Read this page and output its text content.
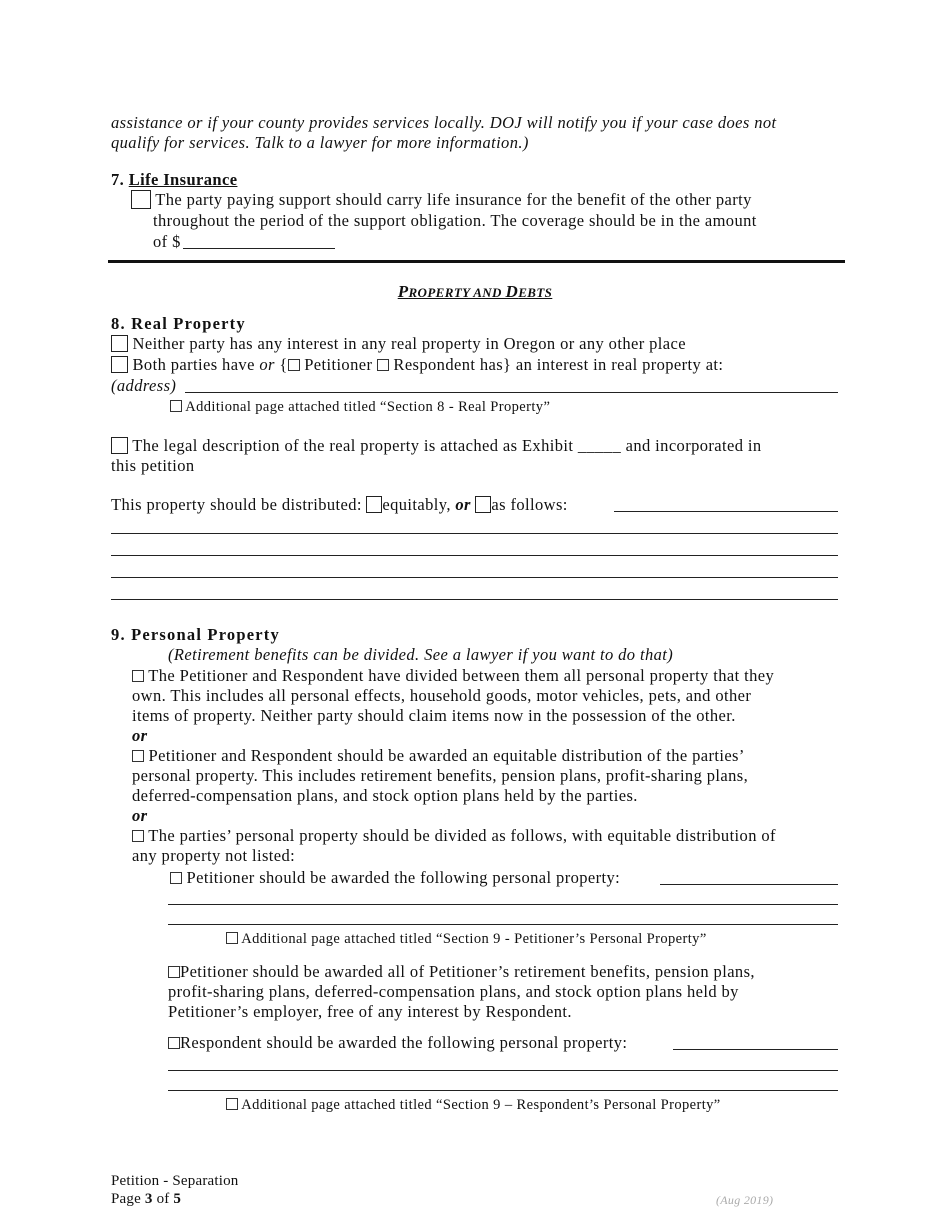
assistance or if your county provides services locally. DOJ will notify you if your case does not
qualify for services. Talk to a lawyer for more information.)
7. Life Insurance
The party paying support should carry life insurance for the benefit of the other party
throughout the period of the support obligation. The coverage should be in the amount
of $
PROPERTY AND DEBTS
8. Real Property
Neither party has any interest in any real property in Oregon or any other place
Both parties have or { Petitioner  Respondent has} an interest in real property at:
(address)
Additional page attached titled “Section 8 - Real Property”
The legal description of the real property is attached as Exhibit _____ and incorporated in
this petition
This property should be distributed: equitably, or as follows:
9. Personal Property
(Retirement benefits can be divided. See a lawyer if you want to do that)
The Petitioner and Respondent have divided between them all personal property that they
own. This includes all personal effects, household goods, motor vehicles, pets, and other
items of property. Neither party should claim items now in the possession of the other.
or
Petitioner and Respondent should be awarded an equitable distribution of the parties’
personal property. This includes retirement benefits, pension plans, profit-sharing plans,
deferred-compensation plans, and stock option plans held by the parties.
or
The parties’ personal property should be divided as follows, with equitable distribution of
any property not listed:
Petitioner should be awarded the following personal property:
Additional page attached titled “Section 9 - Petitioner’s Personal Property”
Petitioner should be awarded all of Petitioner’s retirement benefits, pension plans,
profit-sharing plans, deferred-compensation plans, and stock option plans held by
Petitioner’s employer, free of any interest by Respondent.
Respondent should be awarded the following personal property:
Additional page attached titled “Section 9 – Respondent’s Personal Property”
Petition - Separation
Page 3 of 5	(Aug 2019)
